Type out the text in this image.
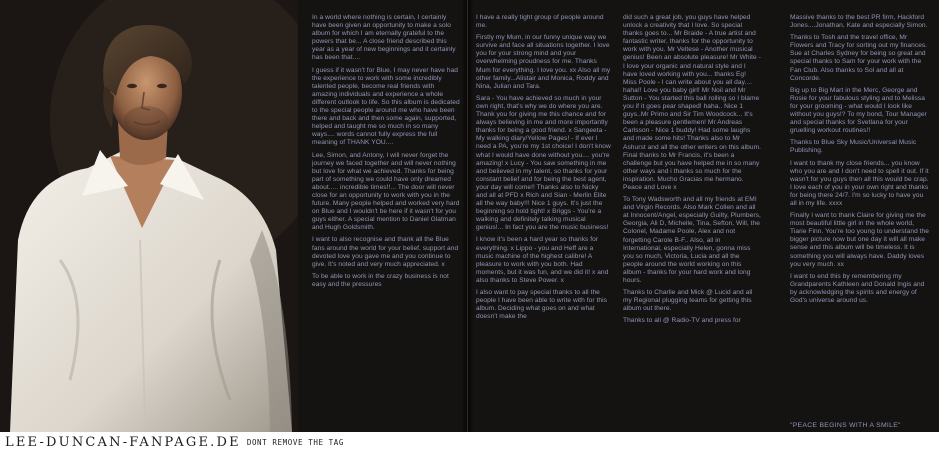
In a world where nothing is certain, I certainly have been given an opportunity to make a solo album for which I am eternally grateful to the powers that be... A close friend described this year as a year of new beginnings and it certainly has been that....

I guess if it wasn't for Blue, I may never have had the experience to work with some incredibly talented people, become real friends with amazing individuals and experience a whole different outlook to life. So this album is dedicated to the special people around me who have been there and back and then some again, supported, helped and taught me so much in so many ways.... words cannot fully express the full meaning of THANK YOU....

Lee, Simon, and Antony, I will never forget the journey we faced together and will never nothing but love for what we achieved. Thanks for being part of something we could have only dreamed about..... incredible times!!... The door will never close for an opportunity to work with you in the future. Many people helped and worked very hard on Blue and I wouldn't be here if it wasn't for you guys either. A special mention to Daniel Glatman and Hugh Goldsmith.

I want to also recognise and thank all the Blue fans around the world for your belief, support and devoted love you gave me and you continue to give. It's noted and very much appreciated. x

To be able to work in the crazy business is not easy and the pressures

I have a really tight group of people around me.

Firstly my Mum, in our funny unique way we survive and face all situations together. I love you for your strong mind and your overwhelming proudness for me. Thanks Mum for everything. I love you. xx Also all my other family...Alistair and Monica, Roddy and Nina, Julian and Tara.

Sara - You have achieved so much in your own right, that's why we do where you are. Thank you for giving me this chance and for always believing in me and more importantly thanks for being a good friend. x Sangeeta - My walking diary/Yellow Pages! - If ever I need a PA, you're my 1st choice! I don't know what I would have done without you.... you're amazing! x Lucy - You saw something in me and believed in my talent, so thanks for your constant belief and for being the best agent, your day will come!! Thanks also to Nicky and all at PFD x Rich and Sian - Merlin Elite all the way baby!!! Nice 1 guys. It's just the beginning so hold tight! x Briggs - You're a walking and definitely talking musical genius!... In fact you are the music business!

I know it's been a hard year so thanks for everything. x Lippo - you and Heff are a music machine of the highest calibre! A pleasure to work with you both. Had moments, but it was fun, and we did it! x and also thanks to Steve Power. x

I also want to pay special thanks to all the people I have been able to write with for this album. Deciding what goes on and what doesn't make the

did such a great job, you guys have helped unlock a creativity that I love. So special thanks goes to... Mr Braide - A true artist and fantastic writer, thanks for the opportunity to work with you. Mr Veltese - Another musical genius! Been an absolute pleasure! Mr White - I love your organic and natural style and I have loved working with you... thanks Eg! Miss Poole - I can write about you all day.... haha!! Love you baby girl! Mr Noil and Mr Sutton - You started this ball rolling so I blame you if it goes pear shaped! haha.. Nice 1 guys..Mr Primo and Sir Tim Woodcock... It's been a pleasure gentlemen! Mr Andreas Carlsson - Nice 1 buddy! Had some laughs and made some hits! Thanks also to Mr Ashurst and all the other writers on this album. Final thanks to Mr Francis, it's been a challenge but you have helped me in so many other ways and i thanks so much for the inspiration. Mucho Gracias me hermano. Peace and Love x

To Tony Wadsworth and all my friends at EMI and Virgin Records. Also Mark Collen and all at Innocent/Angel, especially Guilty, Plumbers, Georgia, Ali D, Michelle, Tina, Sefton, Will, the Colonel, Madame Poole, Alex and not forgetting Carole B-F.. Also, all in International, especially Helen, gonna miss you so much, Victoria, Lucia and all the people around the world working on this album - thanks for your hard work and long hours.

Thanks to Charlie and Mick @ Lucid and all my Regional plugging teams for getting this album out there.

Thanks to all @ Radio-TV and press for

Massive thanks to the best PR firm, Hackford Jones....Jonathan, Kate and especially Simon.

Thanks to Tosh and the travel office, Mr Flowers and Tracy for sorting out my finances. Sue at Charles Sydney for being so great and special thanks to Sam for your work with the Fan Club. Also thanks to Sol and all at Concorde.

Big up to Big Mart in the Merc, George and Rosie for your fabulous styling and to Melissa for your grooming - what would I look like without you guys!? To my bond, Tour Manager and special thanks for Svetlana for your gruelling workout routines!!

Thanks to Blue Sky Music/Universal Music Publishing.

I want to thank my close friends... you know who you are and I don't need to spell it out. If it wasn't for you guys then all this would be crap. I love each of you in your own right and thanks for being there 24/7. I'm so lucky to have you all in my life. xxxx

Finally I want to thank Claire for giving me the most beautiful little girl in the whole world, Tiarie Finn. You're too young to understand the bigger picture now but one day it will all make sense and this album will be timeless. It is something you will always have. Daddy loves you very much. xx

I want to end this by remembering my Grandparents Kathleen and Donald Ingis and by acknowledging the spirits and energy of God's universe around us.

"PEACE BEGINS WITH A SMILE"
LEE-DUNCAN-FANPAGE.DE DONT REMOVE THE TAG
